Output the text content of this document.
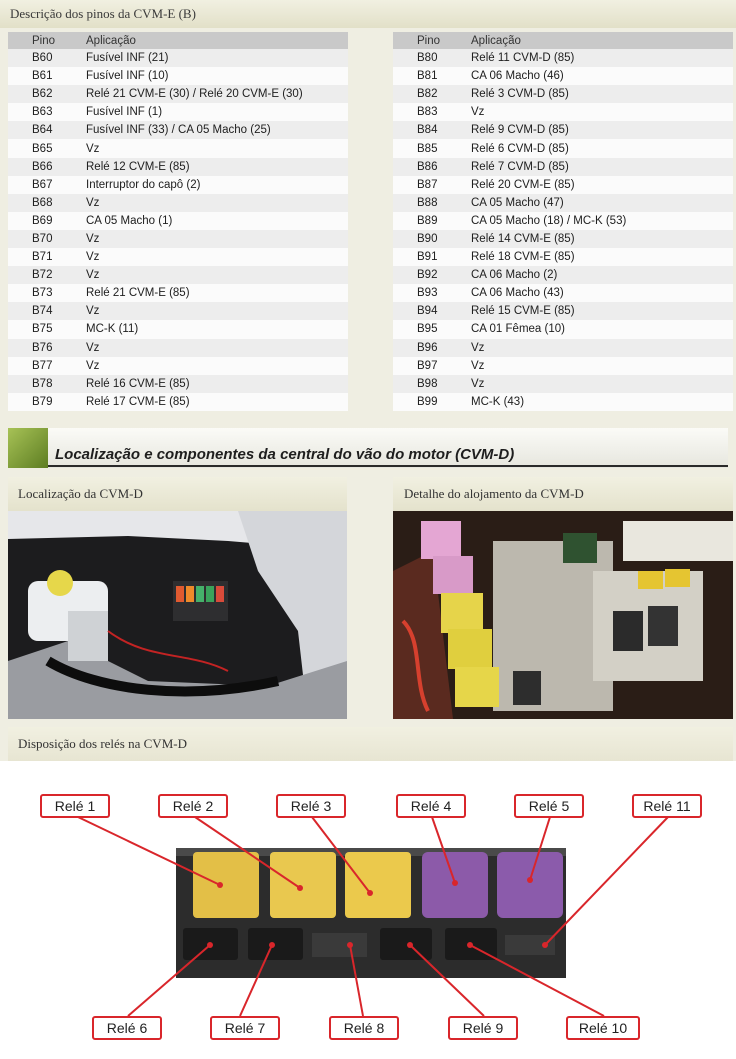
Descrição dos pinos da CVM-E (B)
Pino	Aplicação
B60	Fusível INF (21)
B61	Fusível INF (10)
B62	Relé 21 CVM-E (30) / Relé 20 CVM-E (30)
B63	Fusível INF (1)
B64	Fusível INF (33) / CA 05 Macho (25)
B65	Vz
B66	Relé 12 CVM-E (85)
B67	Interruptor do capô (2)
B68	Vz
B69	CA 05 Macho (1)
B70	Vz
B71	Vz
B72	Vz
B73	Relé 21 CVM-E (85)
B74	Vz
B75	MC-K (11)
B76	Vz
B77	Vz
B78	Relé 16 CVM-E (85)
B79	Relé 17 CVM-E (85)
Pino	Aplicação
B80	Relé 11 CVM-D (85)
B81	CA 06 Macho (46)
B82	Relé 3 CVM-D (85)
B83	Vz
B84	Relé 9 CVM-D (85)
B85	Relé 6 CVM-D (85)
B86	Relé 7 CVM-D (85)
B87	Relé 20 CVM-E (85)
B88	CA 05 Macho (47)
B89	CA 05 Macho (18) / MC-K (53)
B90	Relé 14 CVM-E (85)
B91	Relé 18 CVM-E (85)
B92	CA 06 Macho (2)
B93	CA 06 Macho (43)
B94	Relé 15 CVM-E (85)
B95	CA 01 Fêmea (10)
B96	Vz
B97	Vz
B98	Vz
B99	MC-K (43)
Localização e componentes da central do vão do motor (CVM-D)
Localização da CVM-D	Detalhe do alojamento da CVM-D
Disposição dos relés na CVM-D
Relé 1	Relé 2	Relé 3	Relé 4	Relé 5	Relé 11
Relé 6	Relé 7	Relé 8	Relé 9	Relé 10
